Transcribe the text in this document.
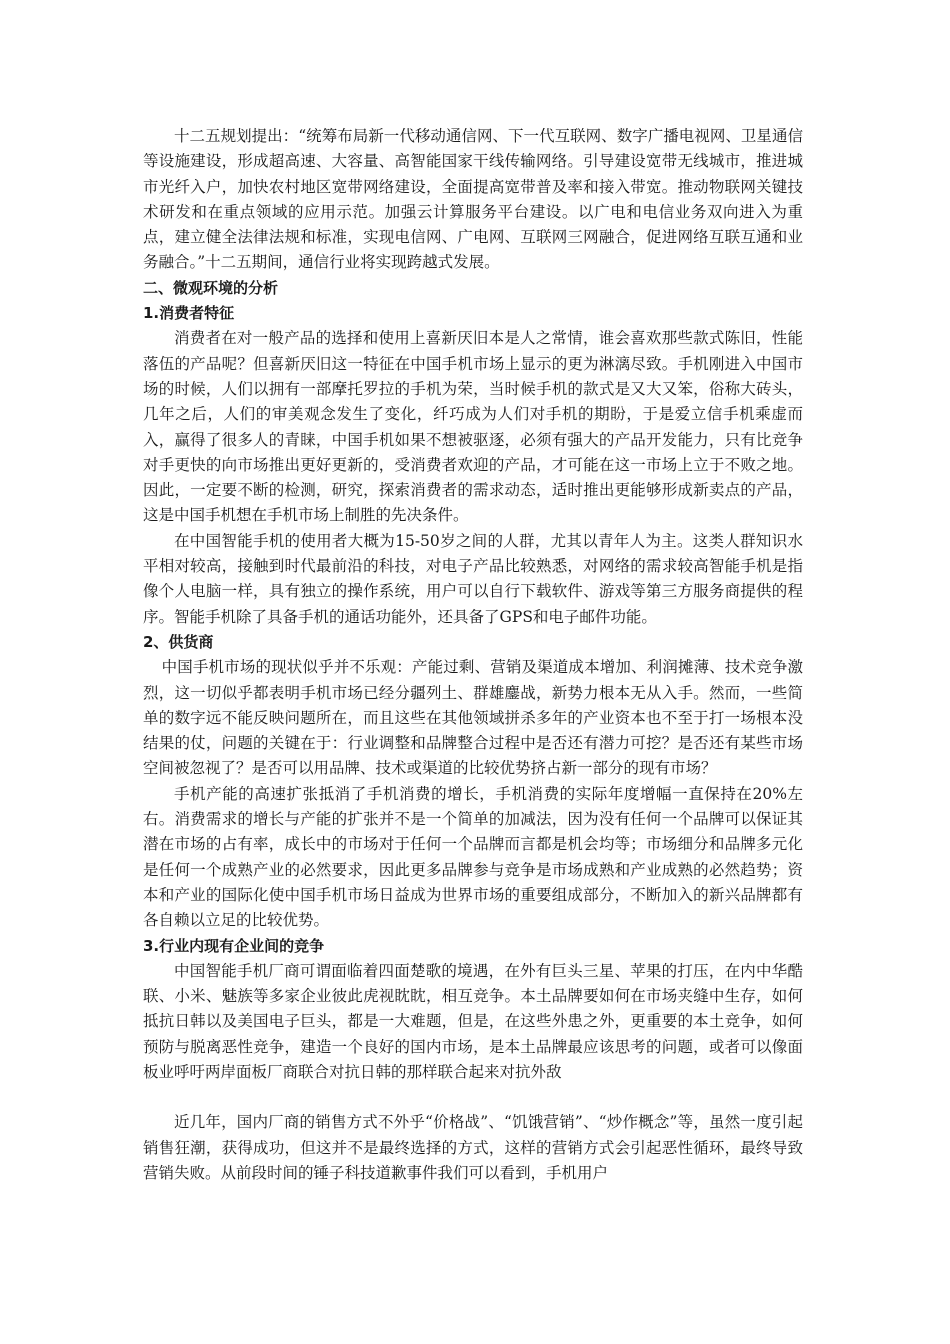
十二五规划提出：“统筹布局新一代移动通信网、下一代互联网、数字广播电视网、卫星通信等设施建设，形成超高速、大容量、高智能国家干线传输网络。引导建设宽带无线城市，推进城市光纤入户，加快农村地区宽带网络建设，全面提高宽带普及率和接入带宽。推动物联网关键技术研发和在重点领域的应用示范。加强云计算服务平台建设。以广电和电信业务双向进入为重点，建立健全法律法规和标准，实现电信网、广电网、互联网三网融合，促进网络互联互通和业务融合。”十二五期间，通信行业将实现跨越式发展。

二、微观环境的分析

1.消费者特征

消费者在对一般产品的选择和使用上喜新厌旧本是人之常情，谁会喜欢那些款式陈旧，性能落伍的产品呢？但喜新厌旧这一特征在中国手机市场上显示的更为淋漓尽致。手机刚进入中国市场的时候，人们以拥有一部摩托罗拉的手机为荣，当时候手机的款式是又大又笨，俗称大砖头，几年之后，人们的审美观念发生了变化，纤巧成为人们对手机的期盼，于是爱立信手机乘虚而入，赢得了很多人的青睐，中国手机如果不想被驱逐，必须有强大的产品开发能力，只有比竞争对手更快的向市场推出更好更新的，受消费者欢迎的产品，才可能在这一市场上立于不败之地。因此，一定要不断的检测，研究，探索消费者的需求动态，适时推出更能够形成新卖点的产品，这是中国手机想在手机市场上制胜的先决条件。

在中国智能手机的使用者大概为15-50岁之间的人群，尤其以青年人为主。这类人群知识水平相对较高，接触到时代最前沿的科技，对电子产品比较熟悉，对网络的需求较高智能手机是指像个人电脑一样，具有独立的操作系统，用户可以自行下载软件、游戏等第三方服务商提供的程序。智能手机除了具备手机的通话功能外，还具备了GPS和电子邮件功能。

2、供货商

中国手机市场的现状似乎并不乐观：产能过剩、营销及渠道成本增加、利润摊薄、技术竞争激烈，这一切似乎都表明手机市场已经分疆列土、群雄鏖战，新势力根本无从入手。然而，一些简单的数字远不能反映问题所在，而且这些在其他领域拼杀多年的产业资本也不至于打一场根本没结果的仗，问题的关键在于：行业调整和品牌整合过程中是否还有潜力可挖？是否还有某些市场空间被忽视了？是否可以用品牌、技术或渠道的比较优势挤占新一部分的现有市场？

手机产能的高速扩张抵消了手机消费的增长，手机消费的实际年度增幅一直保持在20%左右。消费需求的增长与产能的扩张并不是一个简单的加减法，因为没有任何一个品牌可以保证其潜在市场的占有率，成长中的市场对于任何一个品牌而言都是机会均等；市场细分和品牌多元化是任何一个成熟产业的必然要求，因此更多品牌参与竞争是市场成熟和产业成熟的必然趋势；资本和产业的国际化使中国手机市场日益成为世界市场的重要组成部分，不断加入的新兴品牌都有各自赖以立足的比较优势。

3.行业内现有企业间的竞争

中国智能手机厂商可谓面临着四面楚歌的境遇，在外有巨头三星、苹果的打压，在内中华酷联、小米、魅族等多家企业彼此虎视眈眈，相互竞争。本土品牌要如何在市场夹缝中生存，如何抵抗日韩以及美国电子巨头，都是一大难题，但是，在这些外患之外，更重要的本土竞争，如何预防与脱离恶性竞争，建造一个良好的国内市场，是本土品牌最应该思考的问题，或者可以像面板业呼吁两岸面板厂商联合对抗日韩的那样联合起来对抗外敌

近几年，国内厂商的销售方式不外乎“价格战”、“饥饿营销”、“炒作概念”等，虽然一度引起销售狂潮，获得成功，但这并不是最终选择的方式，这样的营销方式会引起恶性循环，最终导致营销失败。从前段时间的锤子科技道歉事件我们可以看到，手机用户
